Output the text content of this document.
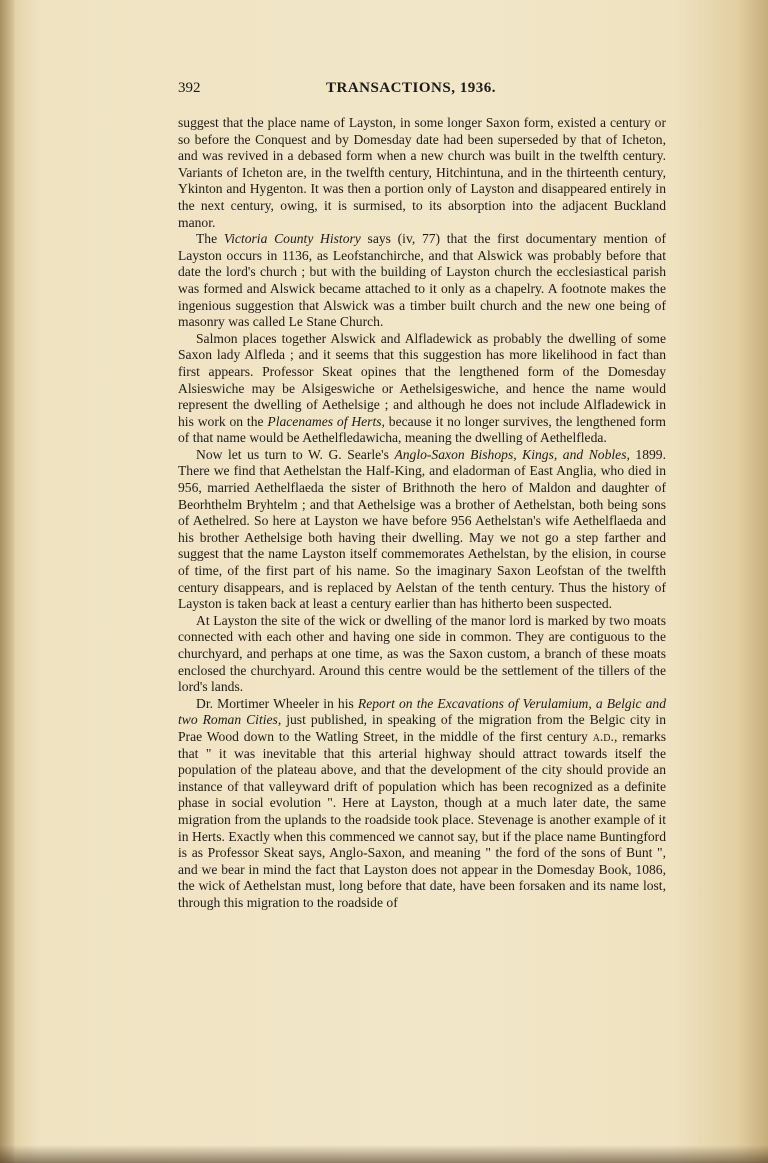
392	TRANSACTIONS, 1936.

suggest that the place name of Layston, in some longer Saxon form, existed a century or so before the Conquest and by Domesday date had been superseded by that of Icheton, and was revived in a debased form when a new church was built in the twelfth century. Variants of Icheton are, in the twelfth century, Hitchintuna, and in the thirteenth century, Ykinton and Hygenton. It was then a portion only of Layston and disappeared entirely in the next century, owing, it is surmised, to its absorption into the adjacent Buckland manor.

The Victoria County History says (iv, 77) that the first documentary mention of Layston occurs in 1136, as Leofstanchirche, and that Alswick was probably before that date the lord's church ; but with the building of Layston church the ecclesiastical parish was formed and Alswick became attached to it only as a chapelry. A footnote makes the ingenious suggestion that Alswick was a timber built church and the new one being of masonry was called Le Stane Church.

Salmon places together Alswick and Alfladewick as probably the dwelling of some Saxon lady Alfleda ; and it seems that this suggestion has more likelihood in fact than first appears. Professor Skeat opines that the lengthened form of the Domesday Alsieswiche may be Alsigeswiche or Aethelsigeswiche, and hence the name would represent the dwelling of Aethelsige ; and although he does not include Alfladewick in his work on the Placenames of Herts, because it no longer survives, the lengthened form of that name would be Aethelfledawicha, meaning the dwelling of Aethelfleda.

Now let us turn to W. G. Searle's Anglo-Saxon Bishops, Kings, and Nobles, 1899. There we find that Aethelstan the Half-King, and eladorman of East Anglia, who died in 956, married Aethelflaeda the sister of Brithnoth the hero of Maldon and daughter of Beorhthelm Bryhtelm ; and that Aethelsige was a brother of Aethelstan, both being sons of Aethelred. So here at Layston we have before 956 Aethelstan's wife Aethelflaeda and his brother Aethelsige both having their dwelling. May we not go a step farther and suggest that the name Layston itself commemorates Aethelstan, by the elision, in course of time, of the first part of his name. So the imaginary Saxon Leofstan of the twelfth century disappears, and is replaced by Aelstan of the tenth century. Thus the history of Layston is taken back at least a century earlier than has hitherto been suspected.

At Layston the site of the wick or dwelling of the manor lord is marked by two moats connected with each other and having one side in common. They are contiguous to the churchyard, and perhaps at one time, as was the Saxon custom, a branch of these moats enclosed the churchyard. Around this centre would be the settlement of the tillers of the lord's lands.

Dr. Mortimer Wheeler in his Report on the Excavations of Verulamium, a Belgic and two Roman Cities, just published, in speaking of the migration from the Belgic city in Prae Wood down to the Watling Street, in the middle of the first century a.d., remarks that " it was inevitable that this arterial highway should attract towards itself the population of the plateau above, and that the development of the city should provide an instance of that valleyward drift of population which has been recognized as a definite phase in social evolution ". Here at Layston, though at a much later date, the same migration from the uplands to the roadside took place. Stevenage is another example of it in Herts. Exactly when this commenced we cannot say, but if the place name Buntingford is as Professor Skeat says, Anglo-Saxon, and meaning " the ford of the sons of Bunt ", and we bear in mind the fact that Layston does not appear in the Domesday Book, 1086, the wick of Aethelstan must, long before that date, have been forsaken and its name lost, through this migration to the roadside of
